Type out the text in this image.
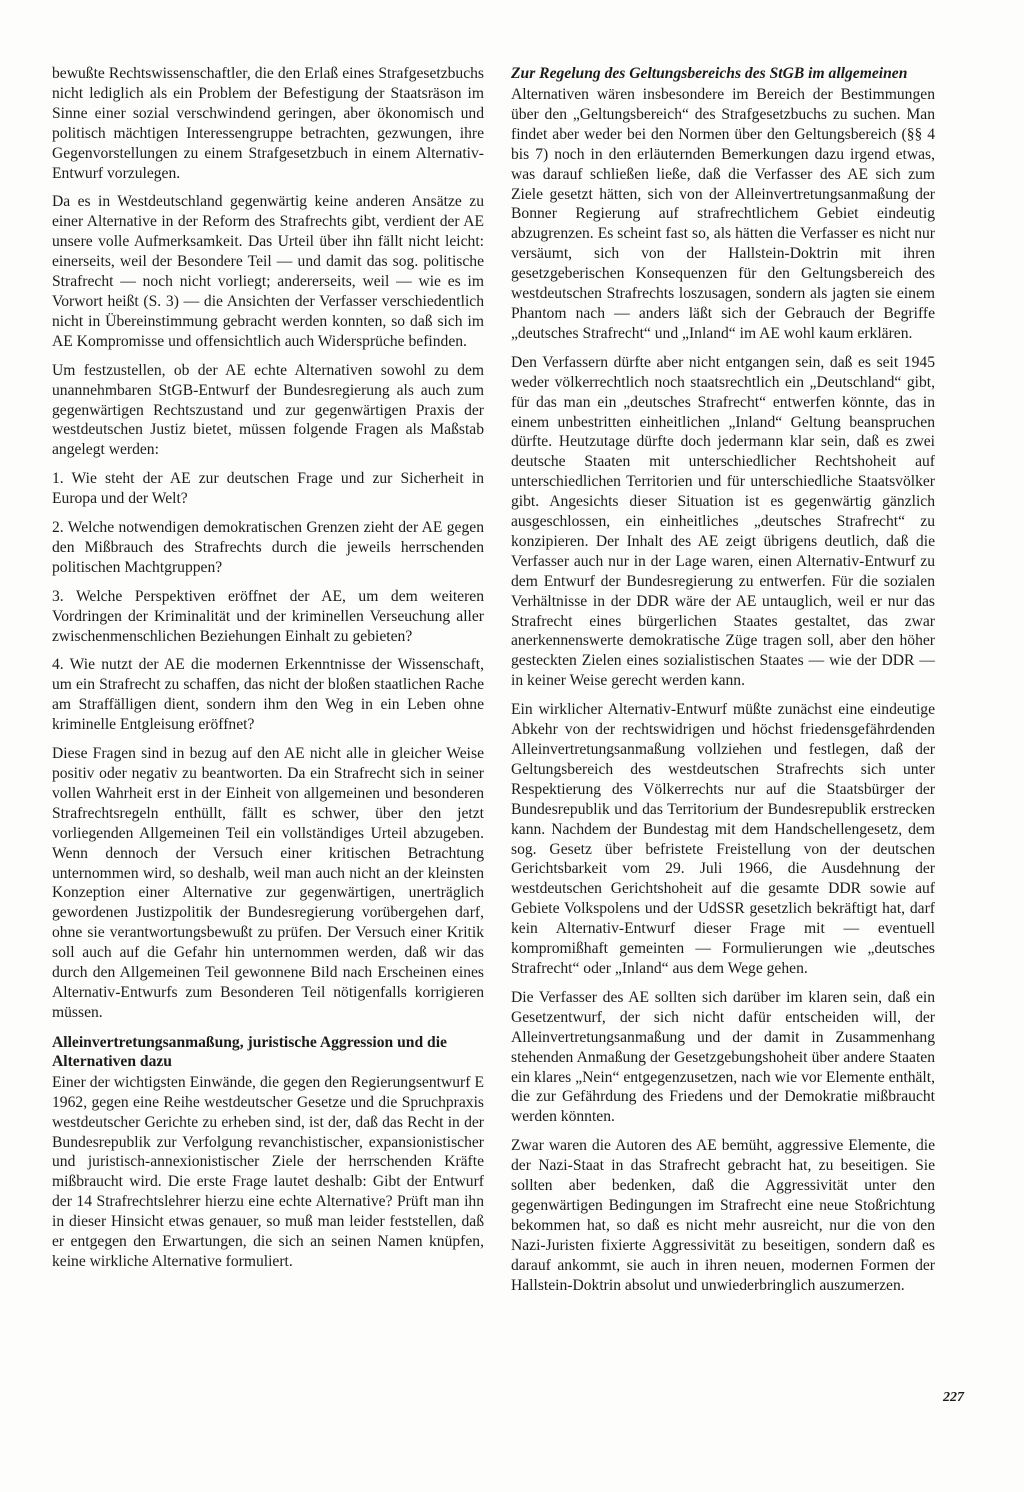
bewußte Rechtswissenschaftler, die den Erlaß eines Strafgesetzbuchs nicht lediglich als ein Problem der Befestigung der Staatsräson im Sinne einer sozial verschwindend geringen, aber ökonomisch und politisch mächtigen Interessengruppe betrachten, gezwungen, ihre Gegenvorstellungen zu einem Strafgesetzbuch in einem Alternativ-Entwurf vorzulegen.

Da es in Westdeutschland gegenwärtig keine anderen Ansätze zu einer Alternative in der Reform des Strafrechts gibt, verdient der AE unsere volle Aufmerksamkeit. Das Urteil über ihn fällt nicht leicht: einerseits, weil der Besondere Teil — und damit das sog. politische Strafrecht — noch nicht vorliegt; andererseits, weil — wie es im Vorwort heißt (S. 3) — die Ansichten der Verfasser verschiedentlich nicht in Übereinstimmung gebracht werden konnten, so daß sich im AE Kompromisse und offensichtlich auch Widersprüche befinden.

Um festzustellen, ob der AE echte Alternativen sowohl zu dem unannehmbaren StGB-Entwurf der Bundesregierung als auch zum gegenwärtigen Rechtszustand und zur gegenwärtigen Praxis der westdeutschen Justiz bietet, müssen folgende Fragen als Maßstab angelegt werden:

1. Wie steht der AE zur deutschen Frage und zur Sicherheit in Europa und der Welt?

2. Welche notwendigen demokratischen Grenzen zieht der AE gegen den Mißbrauch des Strafrechts durch die jeweils herrschenden politischen Machtgruppen?

3. Welche Perspektiven eröffnet der AE, um dem weiteren Vordringen der Kriminalität und der kriminellen Verseuchung aller zwischenmenschlichen Beziehungen Einhalt zu gebieten?

4. Wie nutzt der AE die modernen Erkenntnisse der Wissenschaft, um ein Strafrecht zu schaffen, das nicht der bloßen staatlichen Rache am Straffälligen dient, sondern ihm den Weg in ein Leben ohne kriminelle Entgleisung eröffnet?

Diese Fragen sind in bezug auf den AE nicht alle in gleicher Weise positiv oder negativ zu beantworten. Da ein Strafrecht sich in seiner vollen Wahrheit erst in der Einheit von allgemeinen und besonderen Strafrechtsregeln enthüllt, fällt es schwer, über den jetzt vorliegenden Allgemeinen Teil ein vollständiges Urteil abzugeben. Wenn dennoch der Versuch einer kritischen Betrachtung unternommen wird, so deshalb, weil man auch nicht an der kleinsten Konzeption einer Alternative zur gegenwärtigen, unerträglich gewordenen Justizpolitik der Bundesregierung vorübergehen darf, ohne sie verantwortungsbewußt zu prüfen. Der Versuch einer Kritik soll auch auf die Gefahr hin unternommen werden, daß wir das durch den Allgemeinen Teil gewonnene Bild nach Erscheinen eines Alternativ-Entwurfs zum Besonderen Teil nötigenfalls korrigieren müssen.

Alleinvertretungsanmaßung, juristische Aggression und die Alternativen dazu

Einer der wichtigsten Einwände, die gegen den Regierungsentwurf E 1962, gegen eine Reihe westdeutscher Gesetze und die Spruchpraxis westdeutscher Gerichte zu erheben sind, ist der, daß das Recht in der Bundesrepublik zur Verfolgung revanchistischer, expansionistischer und juristisch-annexionistischer Ziele der herrschenden Kräfte mißbraucht wird. Die erste Frage lautet deshalb: Gibt der Entwurf der 14 Strafrechtslehrer hierzu eine echte Alternative? Prüft man ihn in dieser Hinsicht etwas genauer, so muß man leider feststellen, daß er entgegen den Erwartungen, die sich an seinen Namen knüpfen, keine wirkliche Alternative formuliert.

Zur Regelung des Geltungsbereichs des StGB im allgemeinen

Alternativen wären insbesondere im Bereich der Bestimmungen über den „Geltungsbereich“ des Strafgesetzbuchs zu suchen. Man findet aber weder bei den Normen über den Geltungsbereich (§§ 4 bis 7) noch in den erläuternden Bemerkungen dazu irgend etwas, was darauf schließen ließe, daß die Verfasser des AE sich zum Ziele gesetzt hätten, sich von der Alleinvertretungsanmaßung der Bonner Regierung auf strafrechtlichem Gebiet eindeutig abzugrenzen. Es scheint fast so, als hätten die Verfasser es nicht nur versäumt, sich von der Hallstein-Doktrin mit ihren gesetzgeberischen Konsequenzen für den Geltungsbereich des westdeutschen Strafrechts loszusagen, sondern als jagten sie einem Phantom nach — anders läßt sich der Gebrauch der Begriffe „deutsches Strafrecht“ und „Inland“ im AE wohl kaum erklären.

Den Verfassern dürfte aber nicht entgangen sein, daß es seit 1945 weder völkerrechtlich noch staatsrechtlich ein „Deutschland“ gibt, für das man ein „deutsches Strafrecht“ entwerfen könnte, das in einem unbestritten einheitlichen „Inland“ Geltung beanspruchen dürfte. Heutzutage dürfte doch jedermann klar sein, daß es zwei deutsche Staaten mit unterschiedlicher Rechtshoheit auf unterschiedlichen Territorien und für unterschiedliche Staatsvölker gibt. Angesichts dieser Situation ist es gegenwärtig gänzlich ausgeschlossen, ein einheitliches „deutsches Strafrecht“ zu konzipieren. Der Inhalt des AE zeigt übrigens deutlich, daß die Verfasser auch nur in der Lage waren, einen Alternativ-Entwurf zu dem Entwurf der Bundesregierung zu entwerfen. Für die sozialen Verhältnisse in der DDR wäre der AE untauglich, weil er nur das Strafrecht eines bürgerlichen Staates gestaltet, das zwar anerkennenswerte demokratische Züge tragen soll, aber den höher gesteckten Zielen eines sozialistischen Staates — wie der DDR — in keiner Weise gerecht werden kann.

Ein wirklicher Alternativ-Entwurf müßte zunächst eine eindeutige Abkehr von der rechtswidrigen und höchst friedensgefährdenden Alleinvertretungsanmaßung vollziehen und festlegen, daß der Geltungsbereich des westdeutschen Strafrechts sich unter Respektierung des Völkerrechts nur auf die Staatsbürger der Bundesrepublik und das Territorium der Bundesrepublik erstrecken kann. Nachdem der Bundestag mit dem Handschellengesetz, dem sog. Gesetz über befristete Freistellung von der deutschen Gerichtsbarkeit vom 29. Juli 1966, die Ausdehnung der westdeutschen Gerichtshoheit auf die gesamte DDR sowie auf Gebiete Volkspolens und der UdSSR gesetzlich bekräftigt hat, darf kein Alternativ-Entwurf dieser Frage mit — eventuell kompromißhaft gemeinten — Formulierungen wie „deutsches Strafrecht“ oder „Inland“ aus dem Wege gehen.

Die Verfasser des AE sollten sich darüber im klaren sein, daß ein Gesetzentwurf, der sich nicht dafür entscheiden will, der Alleinvertretungsanmaßung und der damit in Zusammenhang stehenden Anmaßung der Gesetzgebungshoheit über andere Staaten ein klares „Nein“ entgegenzusetzen, nach wie vor Elemente enthält, die zur Gefährdung des Friedens und der Demokratie mißbraucht werden könnten.

Zwar waren die Autoren des AE bemüht, aggressive Elemente, die der Nazi-Staat in das Strafrecht gebracht hat, zu beseitigen. Sie sollten aber bedenken, daß die Aggressivität unter den gegenwärtigen Bedingungen im Strafrecht eine neue Stoßrichtung bekommen hat, so daß es nicht mehr ausreicht, nur die von den Nazi-Juristen fixierte Aggressivität zu beseitigen, sondern daß es darauf ankommt, sie auch in ihren neuen, modernen Formen der Hallstein-Doktrin absolut und unwiederbringlich auszumerzen.

227
